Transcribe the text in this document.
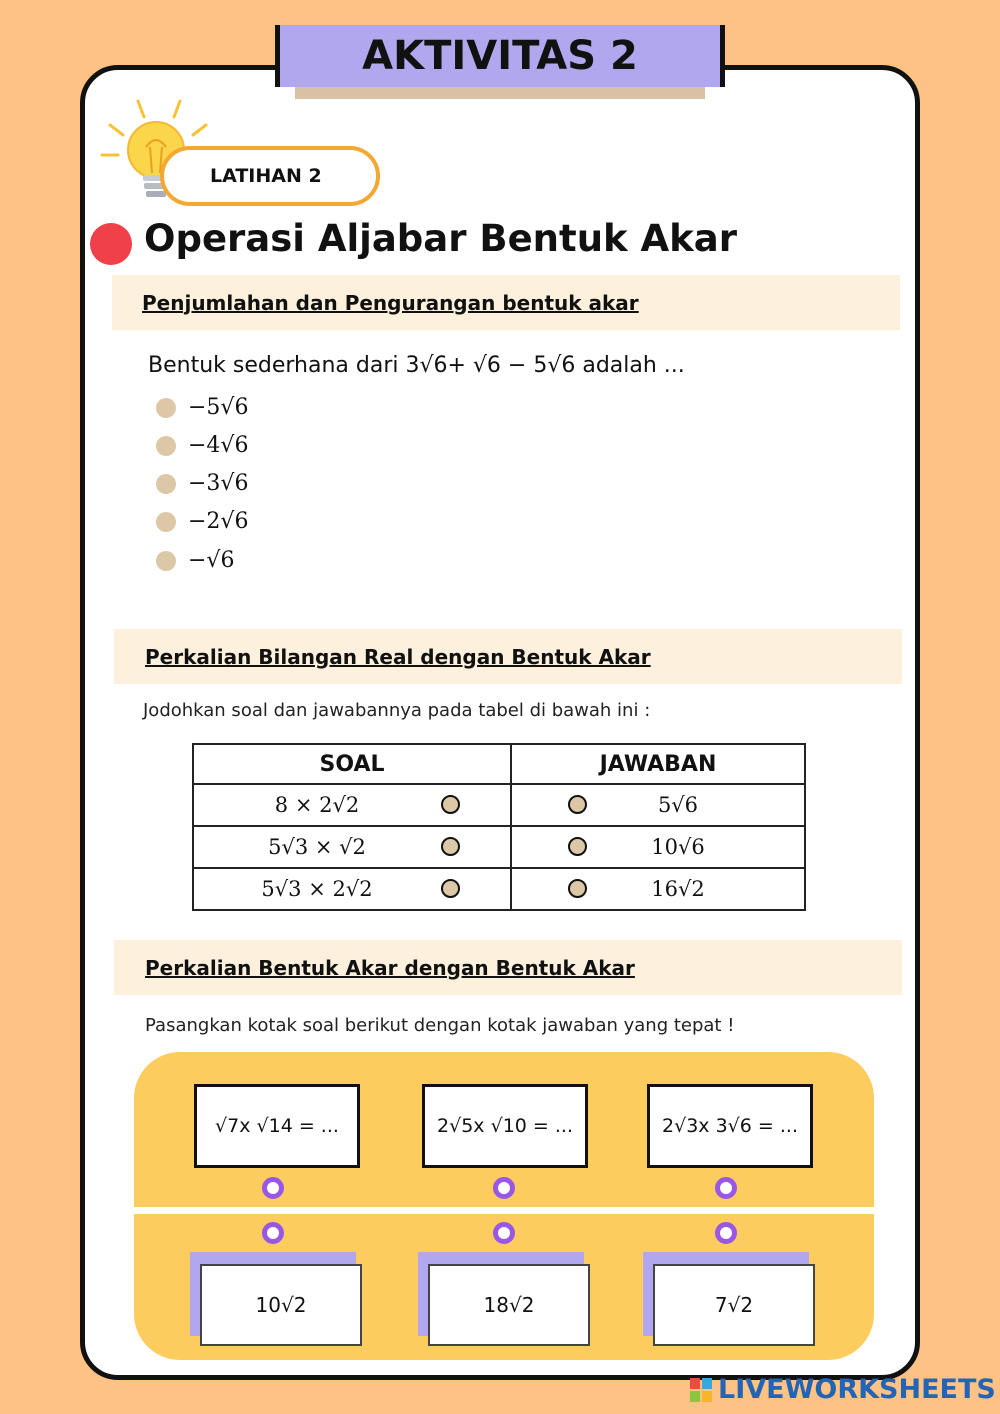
AKTIVITAS 2
LATIHAN 2
Operasi Aljabar Bentuk Akar
Penjumlahan dan Pengurangan bentuk akar
Bentuk sederhana dari 3√6+ √6 − 5√6 adalah ...
−5√6
−4√6
−3√6
−2√6
−√6
Perkalian Bilangan Real dengan Bentuk Akar
Jodohkan soal dan jawabannya pada tabel di bawah ini :
SOAL	JAWABAN

8 × 2√2	5√6

5√3 × √2	10√6

5√3 × 2√2	16√2
Perkalian Bentuk Akar dengan Bentuk Akar
Pasangkan kotak soal berikut dengan kotak jawaban yang tepat !
√7x √14 = ...	2√5x √10 = ...	2√3x 3√6 = ...
10√2	18√2	7√2
LIVEWORKSHEETS
